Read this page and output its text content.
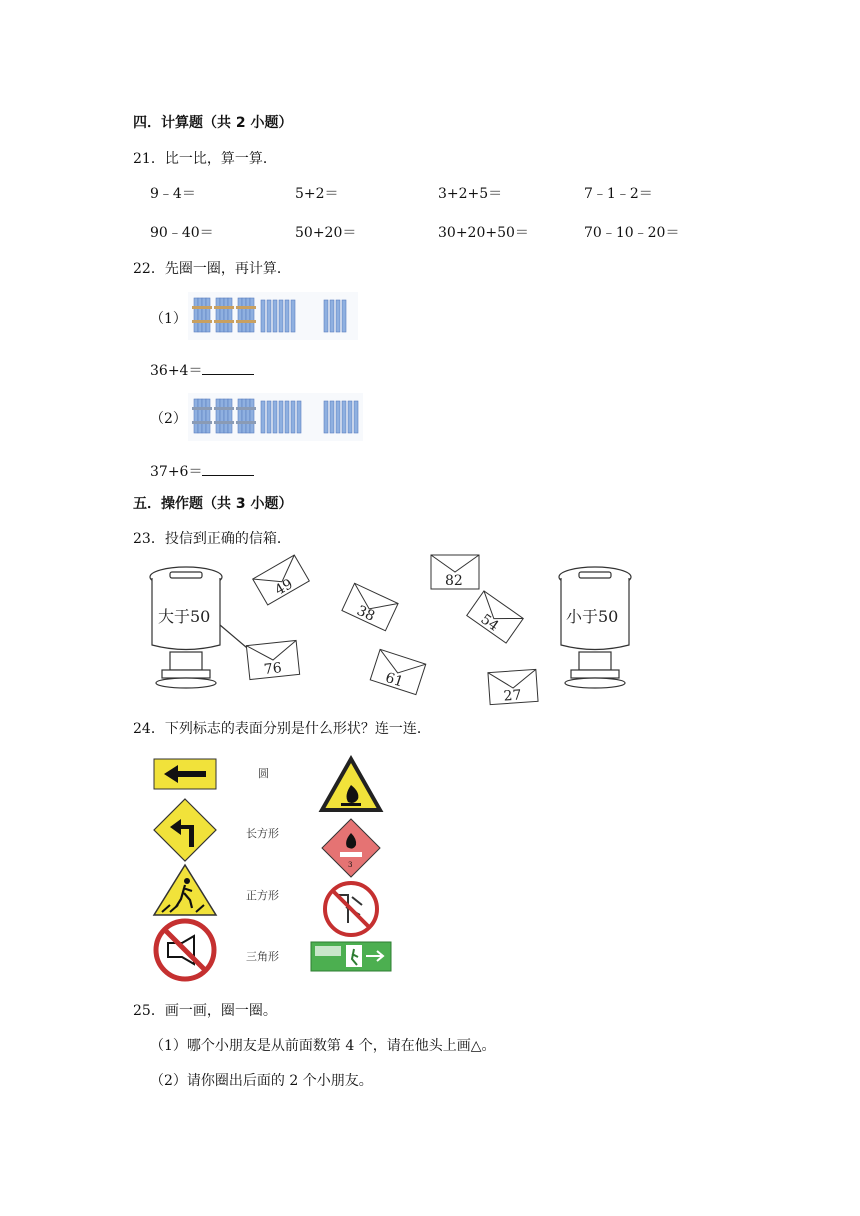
四．计算题（共 2 小题）
21．比一比，算一算．
9﹣4＝	5+2＝	3+2+5＝	7﹣1﹣2＝
90﹣40＝	50+20＝	30+20+50＝	70﹣10﹣20＝
22．先圈一圈，再计算．
（1）
36+4＝
（2）
37+6＝
五．操作题（共 3 小题）
23．投信到正确的信箱．
大于50	小于50
49
38
82
54
76
61
27
24．下列标志的表面分别是什么形状？连一连．
圆
长方形
正方形
三角形
3
25．画一画，圈一圈。
（1）哪个小朋友是从前面数第 4 个，请在他头上画△。
（2）请你圈出后面的 2 个小朋友。
